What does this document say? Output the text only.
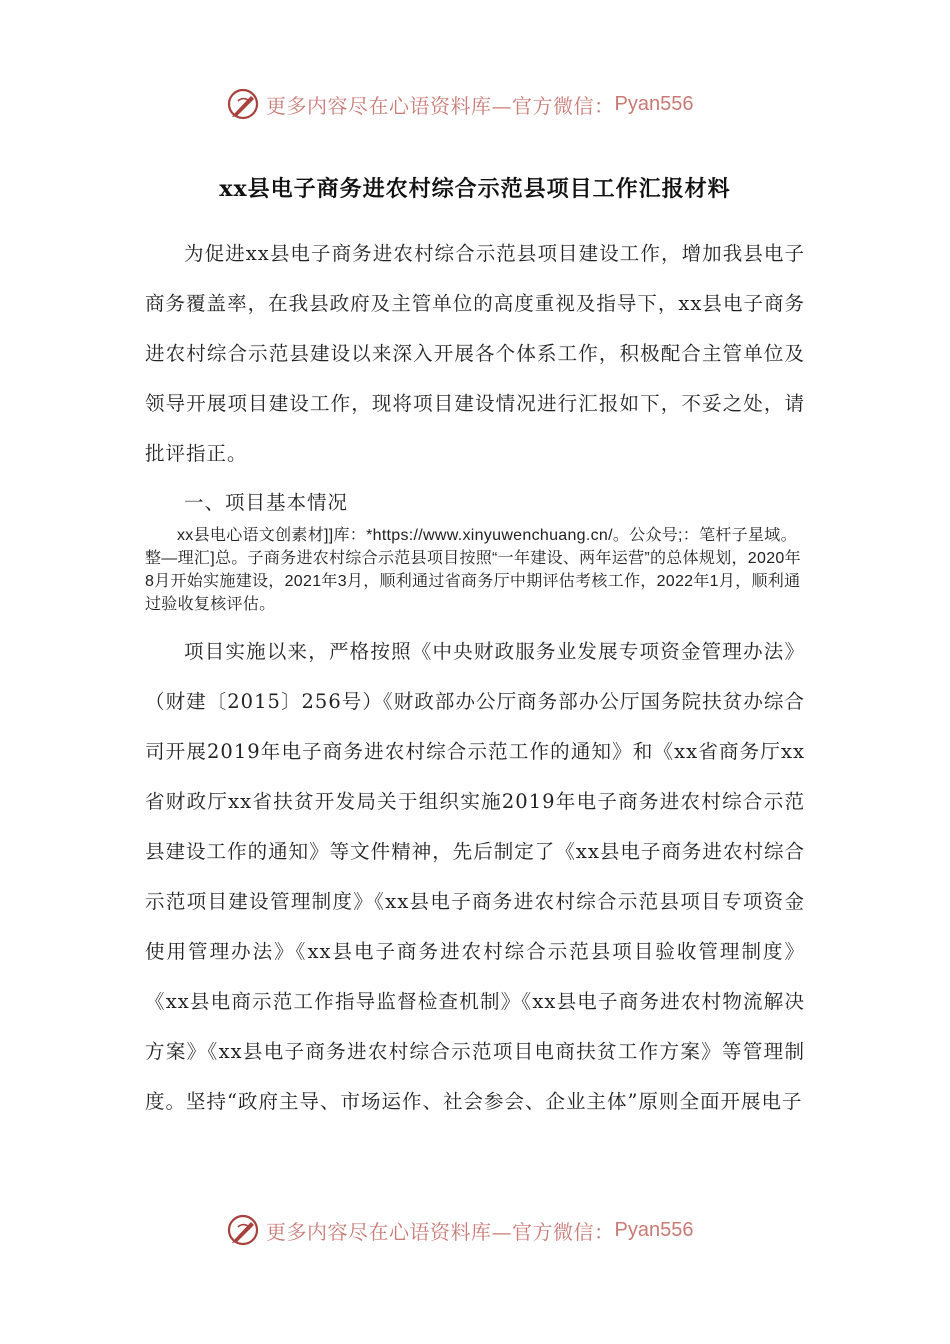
更多内容尽在心语资料库—官方微信： Pyan556
xx县电子商务进农村综合示范县项目工作汇报材料

为促进xx县电子商务进农村综合示范县项目建设工作，增加我县电子商务覆盖率，在我县政府及主管单位的高度重视及指导下，xx县电子商务进农村综合示范县建设以来深入开展各个体系工作，积极配合主管单位及领导开展项目建设工作，现将项目建设情况进行汇报如下，不妥之处，请批评指正。

一、项目基本情况

xx县电心语文创素材]]库：*https://www.xinyuwenchuang.cn/。公众号;：笔杆子星域。整—理汇]总。子商务进农村综合示范县项目按照“一年建设、两年运营”的总体规划，2020年8月开始实施建设，2021年3月，顺利通过省商务厅中期评估考核工作，2022年1月，顺利通过验收复核评估。

项目实施以来，严格按照《中央财政服务业发展专项资金管理办法》（财建〔2015〕256号）《财政部办公厅商务部办公厅国务院扶贫办综合司开展2019年电子商务进农村综合示范工作的通知》和《xx省商务厅xx省财政厅xx省扶贫开发局关于组织实施2019年电子商务进农村综合示范县建设工作的通知》等文件精神，先后制定了《xx县电子商务进农村综合示范项目建设管理制度》《xx县电子商务进农村综合示范县项目专项资金使用管理办法》《xx县电子商务进农村综合示范县项目验收管理制度》《xx县电商示范工作指导监督检查机制》《xx县电子商务进农村物流解决方案》《xx县电子商务进农村综合示范项目电商扶贫工作方案》等管理制度。坚持“政府主导、市场运作、社会参会、企业主体”原则全面开展电子

更多内容尽在心语资料库—官方微信： Pyan556
